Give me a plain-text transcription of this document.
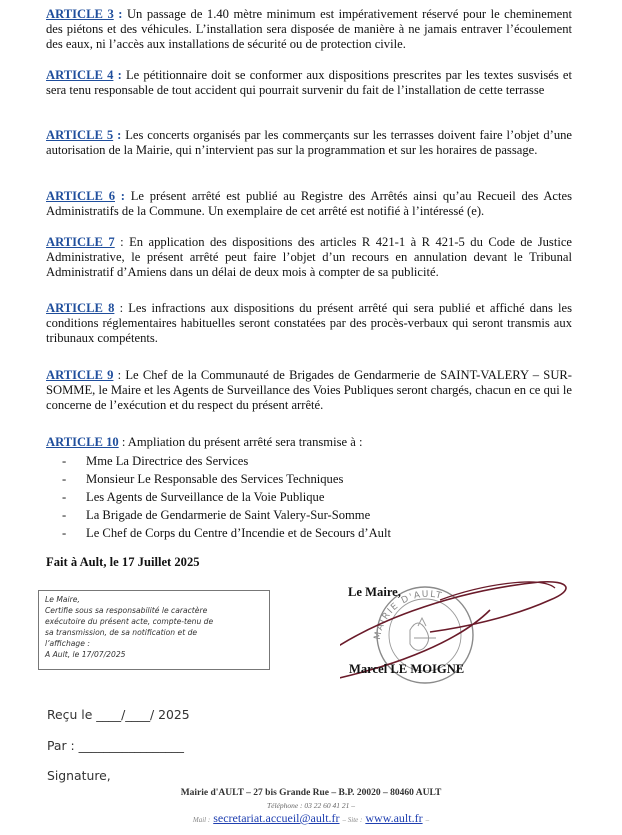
ARTICLE 3 : Un passage de 1.40 mètre minimum est impérativement réservé pour le cheminement des piétons et des véhicules. L’installation sera disposée de manière à ne jamais entraver l’écoulement des eaux, ni l’accès aux installations de sécurité ou de protection civile.
ARTICLE 4 : Le pétitionnaire doit se conformer aux dispositions prescrites par les textes susvisés et sera tenu responsable de tout accident qui pourrait survenir du fait de l’installation de cette terrasse
ARTICLE 5 : Les concerts organisés par les commerçants sur les terrasses doivent faire l’objet d’une autorisation de la Mairie, qui n’intervient pas sur la programmation et sur les horaires de passage.
ARTICLE 6 : Le présent arrêté est publié au Registre des Arrêtés ainsi qu’au Recueil des Actes Administratifs de la Commune. Un exemplaire de cet arrêté est notifié à l’intéressé (e).
ARTICLE 7 : En application des dispositions des articles R 421-1 à R 421-5 du Code de Justice Administrative, le présent arrêté peut faire l’objet d’un recours en annulation devant le Tribunal Administratif d’Amiens dans un délai de deux mois à compter de sa publicité.
ARTICLE 8 : Les infractions aux dispositions du présent arrêté qui sera publié et affiché dans les conditions réglementaires habituelles seront constatées par des procès-verbaux qui seront transmis aux tribunaux compétents.
ARTICLE 9 : Le Chef de la Communauté de Brigades de Gendarmerie de SAINT-VALERY – SUR-SOMME, le Maire et les Agents de Surveillance des Voies Publiques seront chargés, chacun en ce qui le concerne de l’exécution et du respect du présent arrêté.
ARTICLE 10 : Ampliation du présent arrêté sera transmise à :
- Mme La Directrice des Services
- Monsieur Le Responsable des Services Techniques
- Les Agents de Surveillance de la Voie Publique
- La Brigade de Gendarmerie de Saint Valery-Sur-Somme
- Le Chef de Corps du Centre d’Incendie et de Secours d’Ault
Fait à Ault, le 17 Juillet 2025
Le Maire,
Certifie sous sa responsabilité le caractère
exécutoire du présent acte, compte-tenu de
sa transmission, de sa notification et de
l’affichage :
A Ault, le 17/07/2025
MAIRIE D'AULT
Le Maire,
Marcel LE MOIGNE
Reçu le ____/____/ 2025
Par : _________________
Signature,
Mairie d'AULT – 27 bis Grande Rue – B.P. 20020 – 80460 AULT
Téléphone : 03 22 60 41 21 –
Mail : secretariat.accueil@ault.fr – Site : www.ault.fr –
